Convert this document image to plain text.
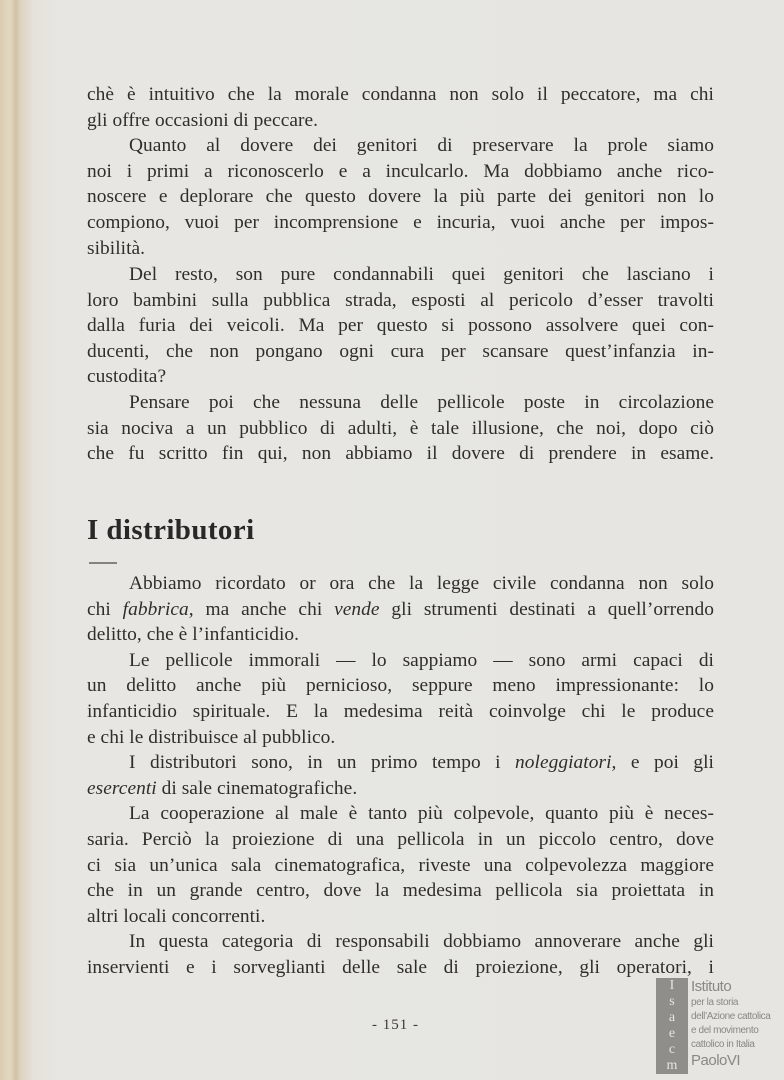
chè è intuitivo che la morale condanna non solo il peccatore, ma chi
gli offre occasioni di peccare.
Quanto al dovere dei genitori di preservare la prole siamo
noi i primi a riconoscerlo e a inculcarlo. Ma dobbiamo anche rico-
noscere e deplorare che questo dovere la più parte dei genitori non lo
compiono, vuoi per incomprensione e incuria, vuoi anche per impos-
sibilità.
Del resto, son pure condannabili quei genitori che lasciano i
loro bambini sulla pubblica strada, esposti al pericolo d’esser travolti
dalla furia dei veicoli. Ma per questo si possono assolvere quei con-
ducenti, che non pongano ogni cura per scansare quest’infanzia in-
custodita?
Pensare poi che nessuna delle pellicole poste in circolazione
sia nociva a un pubblico di adulti, è tale illusione, che noi, dopo ciò
che fu scritto fin qui, non abbiamo il dovere di prendere in esame.
I distributori
Abbiamo ricordato or ora che la legge civile condanna non solo
chi fabbrica, ma anche chi vende gli strumenti destinati a quell’orrendo
delitto, che è l’infanticidio.
Le pellicole immorali — lo sappiamo — sono armi capaci di
un delitto anche più pernicioso, seppure meno impressionante: lo
infanticidio spirituale. E la medesima reità coinvolge chi le produce
e chi le distribuisce al pubblico.
I distributori sono, in un primo tempo i noleggiatori, e poi gli
esercenti di sale cinematografiche.
La cooperazione al male è tanto più colpevole, quanto più è neces-
saria. Perciò la proiezione di una pellicola in un piccolo centro, dove
ci sia un’unica sala cinematografica, riveste una colpevolezza maggiore
che in un grande centro, dove la medesima pellicola sia proiettata in
altri locali concorrenti.
In questa categoria di responsabili dobbiamo annoverare anche gli
inservienti e i sorveglianti delle sale di proiezione, gli operatori, i
- 151 -
I
s
a
e
c
m
Istituto
per la storia
dell’Azione cattolica
e del movimento
cattolico in Italia
PaoloVI
